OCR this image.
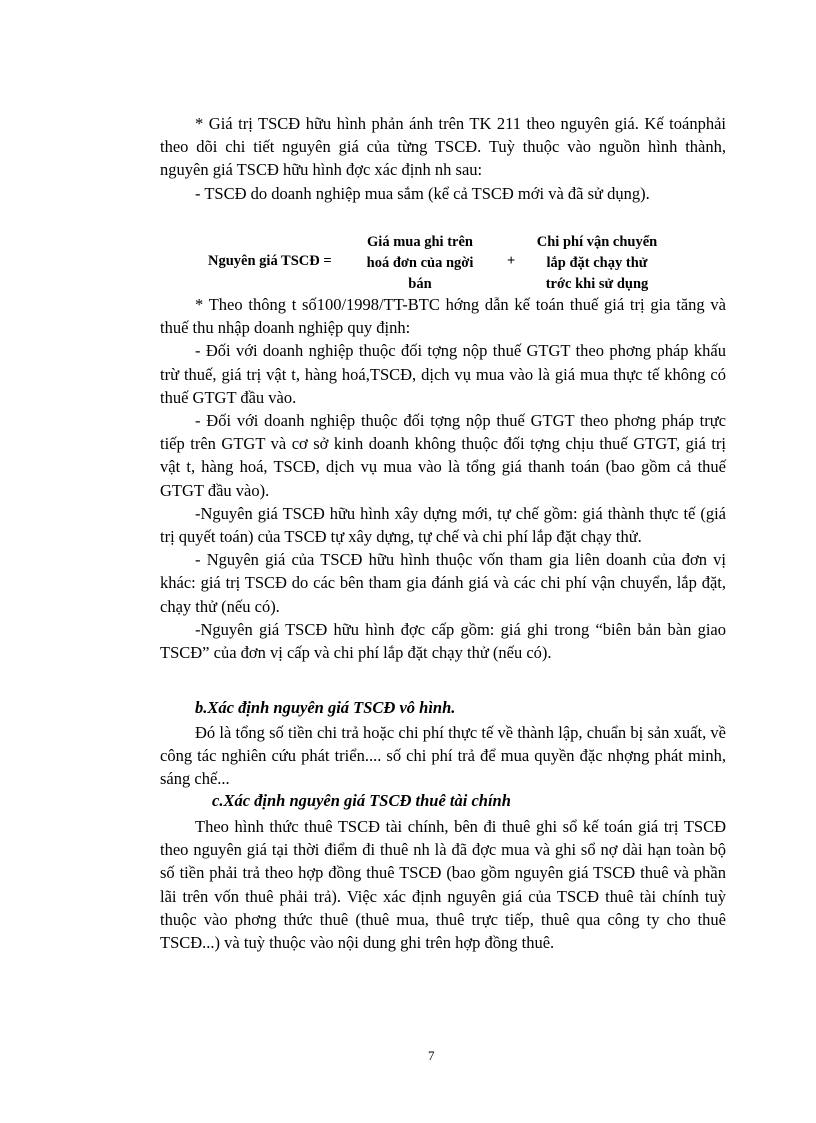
* Giá trị TSCĐ hữu hình phản ánh trên TK 211 theo nguyên giá. Kế toánphải theo dõi chi tiết nguyên giá của từng TSCĐ. Tuỳ thuộc vào nguồn hình thành, nguyên giá TSCĐ hữu hình đợc xác định nh sau:

- TSCĐ do doanh nghiệp mua sắm (kể cả TSCĐ mới và đã sử dụng).

Nguyên giá TSCĐ =
Giá mua ghi trên
hoá đơn của ngời
bán
+
Chi phí vận chuyển
lắp đặt chạy thử
trớc khi sử dụng

* Theo thông t số100/1998/TT-BTC hớng dẫn kế toán thuế giá trị gia tăng và thuế thu nhập doanh nghiệp quy định:

- Đối với doanh nghiệp thuộc đối tợng nộp thuế GTGT theo phơng pháp khấu trừ thuế, giá trị vật t, hàng hoá,TSCĐ, dịch vụ mua vào là giá mua thực tế không có thuế GTGT đầu vào.

- Đối với doanh nghiệp thuộc đối tợng nộp thuế GTGT theo phơng pháp trực tiếp trên GTGT và cơ sở kinh doanh không thuộc đối tợng chịu thuế GTGT, giá trị vật t, hàng hoá, TSCĐ, dịch vụ mua vào là tổng giá thanh toán (bao gồm cả thuế GTGT đầu vào).

-Nguyên giá TSCĐ hữu hình xây dựng mới, tự chế gồm: giá thành thực tế (giá trị quyết toán) của TSCĐ tự xây dựng, tự chế và chi phí lắp đặt chạy thử.

- Nguyên giá của TSCĐ hữu hình thuộc vốn tham gia liên doanh của đơn vị khác: giá trị TSCĐ do các bên tham gia đánh giá và các chi phí vận chuyển, lắp đặt, chạy thử (nếu có).

-Nguyên giá TSCĐ hữu hình đợc cấp gồm: giá ghi trong “biên bản bàn giao TSCĐ” của đơn vị cấp và chi phí lắp đặt chạy thử (nếu có).

b.Xác định nguyên giá TSCĐ vô hình.

Đó là tổng số tiền chi trả hoặc chi phí thực tế về thành lập, chuẩn bị sản xuất, về công tác nghiên cứu phát triển.... số chi phí trả để mua quyền đặc nhợng phát minh, sáng chế...

c.Xác định nguyên giá TSCĐ thuê tài chính

Theo hình thức thuê TSCĐ tài chính, bên đi thuê ghi sổ kế toán giá trị TSCĐ theo nguyên giá tại thời điểm đi thuê nh là đã đợc mua và ghi sổ nợ dài hạn toàn bộ số tiền phải trả theo hợp đồng thuê TSCĐ (bao gồm nguyên giá TSCĐ thuê và phần lãi trên vốn thuê phải trả). Việc xác định nguyên giá của TSCĐ thuê tài chính tuỳ thuộc vào phơng thức thuê (thuê mua, thuê trực tiếp, thuê qua công ty cho thuê TSCĐ...) và tuỳ thuộc vào nội dung ghi trên hợp đồng thuê.

7
